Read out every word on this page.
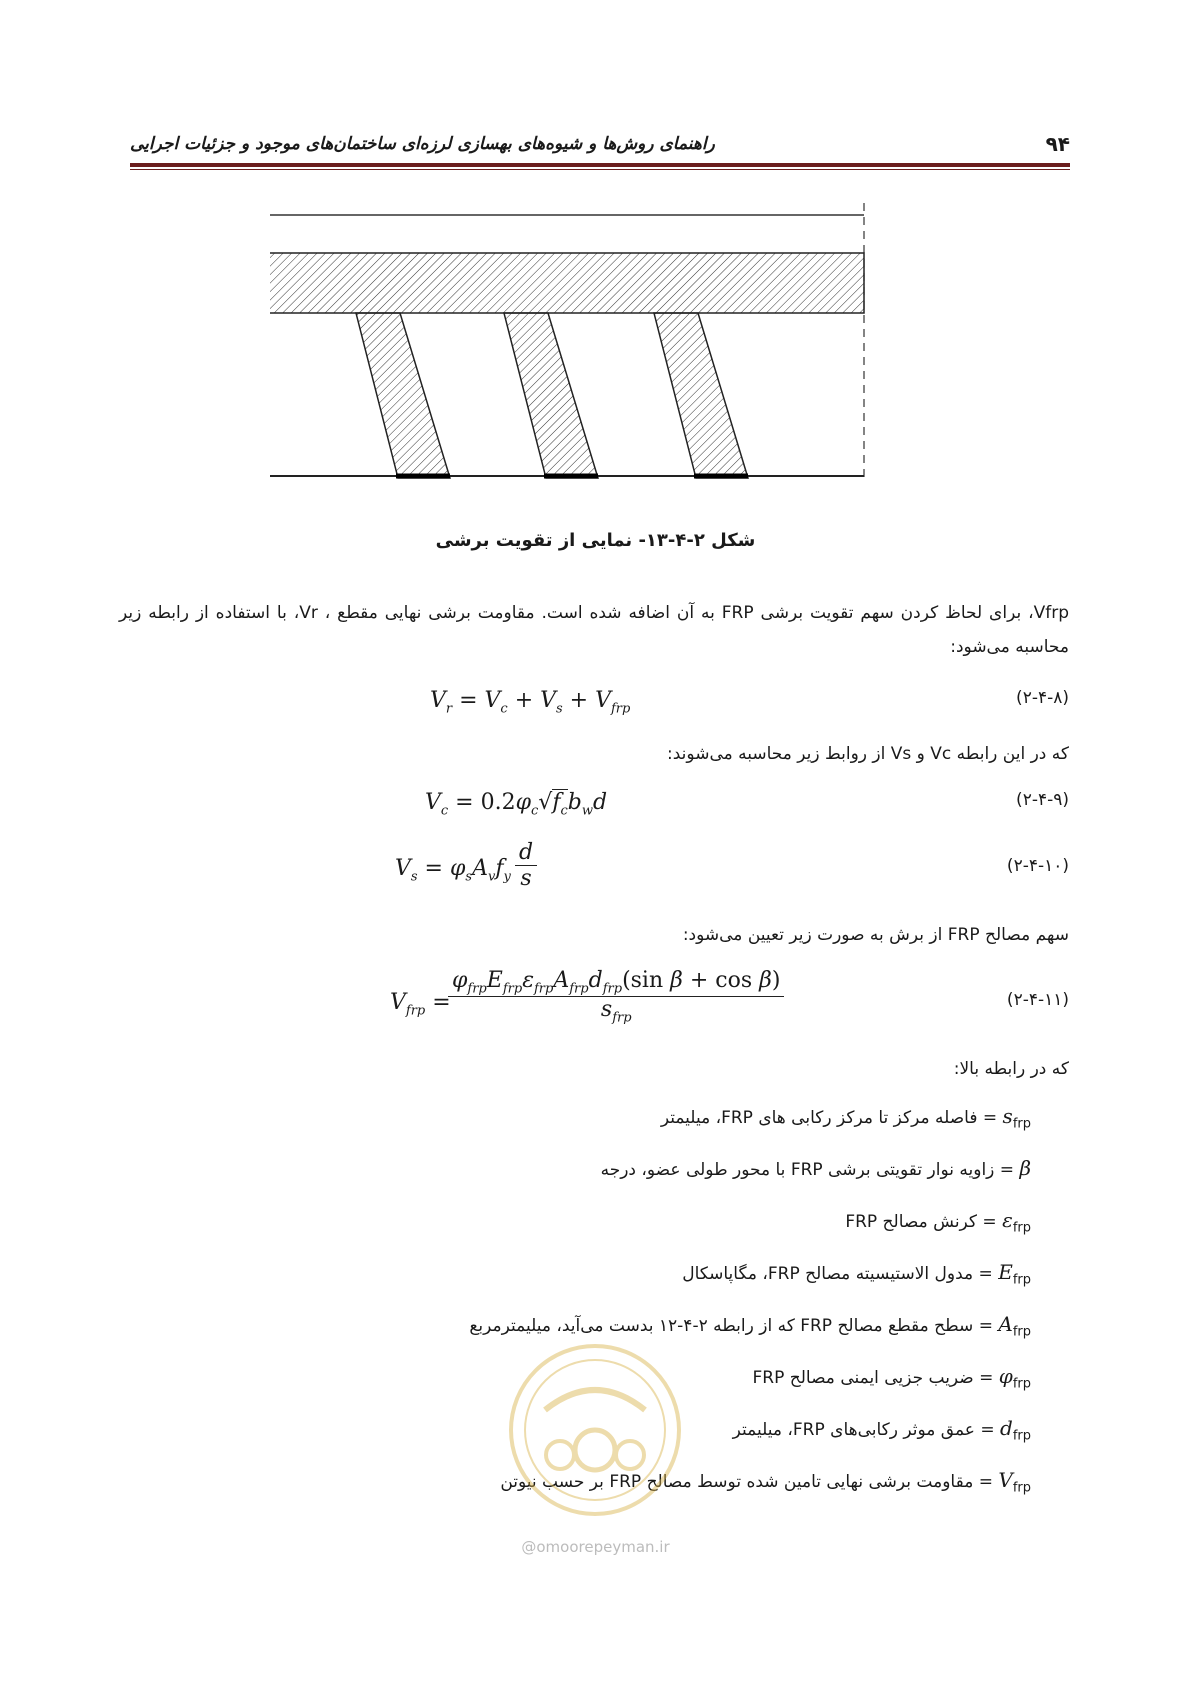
راهنمای روش‌ها و شیوه‌های بهسازی لرزه‌ای ساختمان‌های موجود و جزئیات اجرایی	۹۴
شکل ۲-۴-۱۳- نمایی از تقویت برشی
V‌frp، برای لحاظ کردن سهم تقویت برشی FRP به آن اضافه شده است. مقاومت برشی نهایی مقطع ، Vr، با استفاده از رابطه زیر محاسبه می‌شود:
$V_r = V_c + V_s + V_{frp}$
(۲-۴-۸)
که در این رابطه Vc و Vs از روابط زیر محاسبه می‌شوند:
$V_c = 0.2\varphi_c√f_cb_wd$	(۲-۴-۹)
$V_s = \varphi_sA_vf_y$
d
s	(۲-۴-۱۰)
سهم مصالح FRP از برش به صورت زیر تعیین می‌شود:
$V_{frp}$ =
$\varphi_{frp}E_{frp}\varepsilon_{frp}A_{frp}d_{frp}(\sin$ β + cos β)
$s_{frp}$
(۲-۴-۱۱)
که در رابطه بالا:
$s_{frp}$ = فاصله مرکز تا مرکز رکابی های FRP، میلیمتر
β = زاویه نوار تقویتی برشی FRP با محور طولی عضو، درجه
$\varepsilon_{frp}$ = کرنش مصالح FRP
$E_{frp}$ = مدول الاستیسیته مصالح FRP، مگاپاسکال
$A_{frp}$ = سطح مقطع مصالح FRP که از رابطه ۲-۴-۱۲ بدست می‌آید، میلیمترمربع
$\varphi_{frp}$ = ضریب جزیی ایمنی مصالح FRP
$d_{frp}$ = عمق موثر رکابی‌های FRP، میلیمتر
$V_{frp}$ = مقاومت برشی نهایی تامین شده توسط مصالح FRP بر حسب نیوتن
@omoorepeyman.ir
